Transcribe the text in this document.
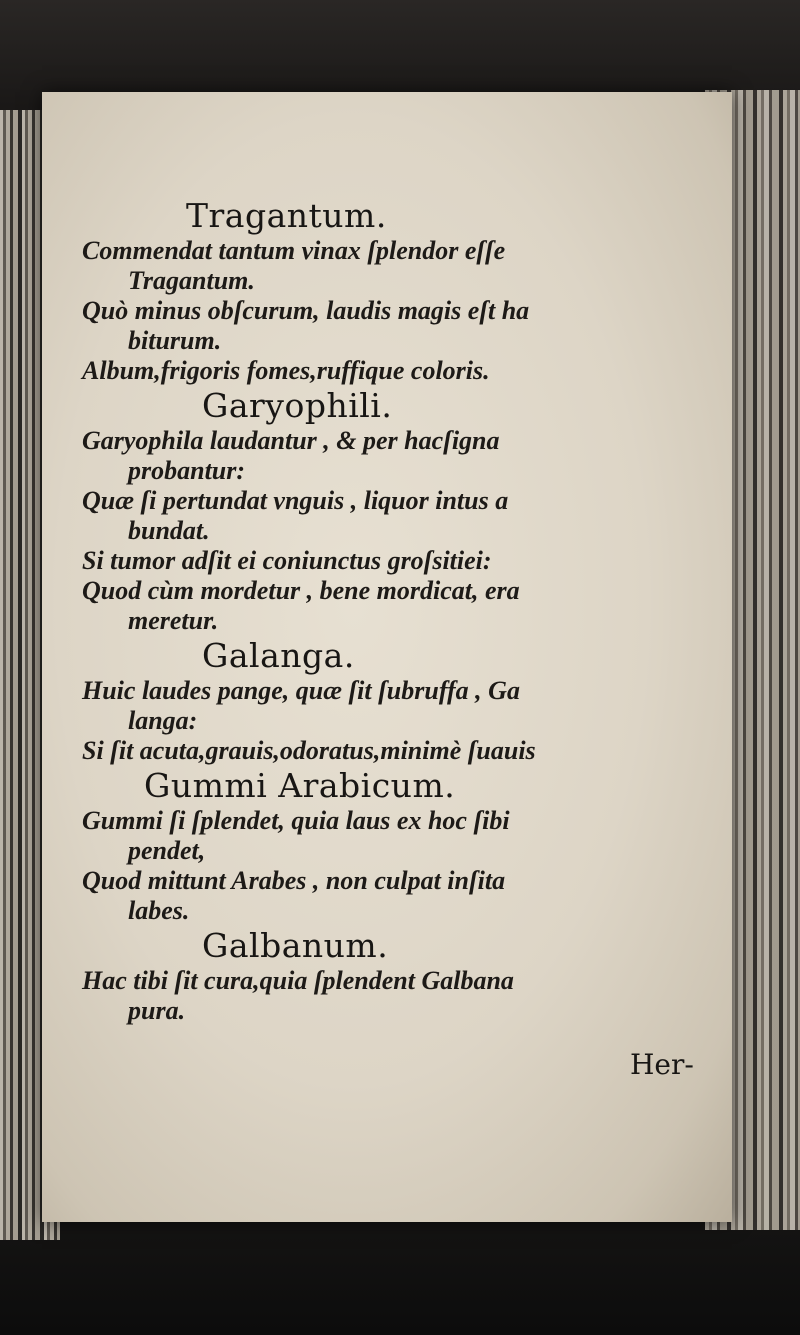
Tragantum.

Commendat tantum vinax ſplendor eſſe
Tragantum.

Quò minus obſcurum, laudis magis eſt ha
biturum.

Album,frigoris fomes,ruffique coloris.

Garyophili.

Garyophila laudantur , & per hacſigna
probantur:

Quæ ſi pertundat vnguis , liquor intus a
bundat.

Si tumor adſit ei coniunctus groſsitiei:

Quod cùm mordetur , bene mordicat, era
meretur.

Galanga.

Huic laudes pange, quæ ſit ſubruffa , Ga
langa:

Si ſit acuta,grauis,odoratus,minimè ſuauis

Gummi Arabicum.

Gummi ſi ſplendet, quia laus ex hoc ſibi
pendet,

Quod mittunt Arabes , non culpat inſita
labes.

Galbanum.

Hac tibi ſit cura,quia ſplendent Galbana
pura.

Her-
